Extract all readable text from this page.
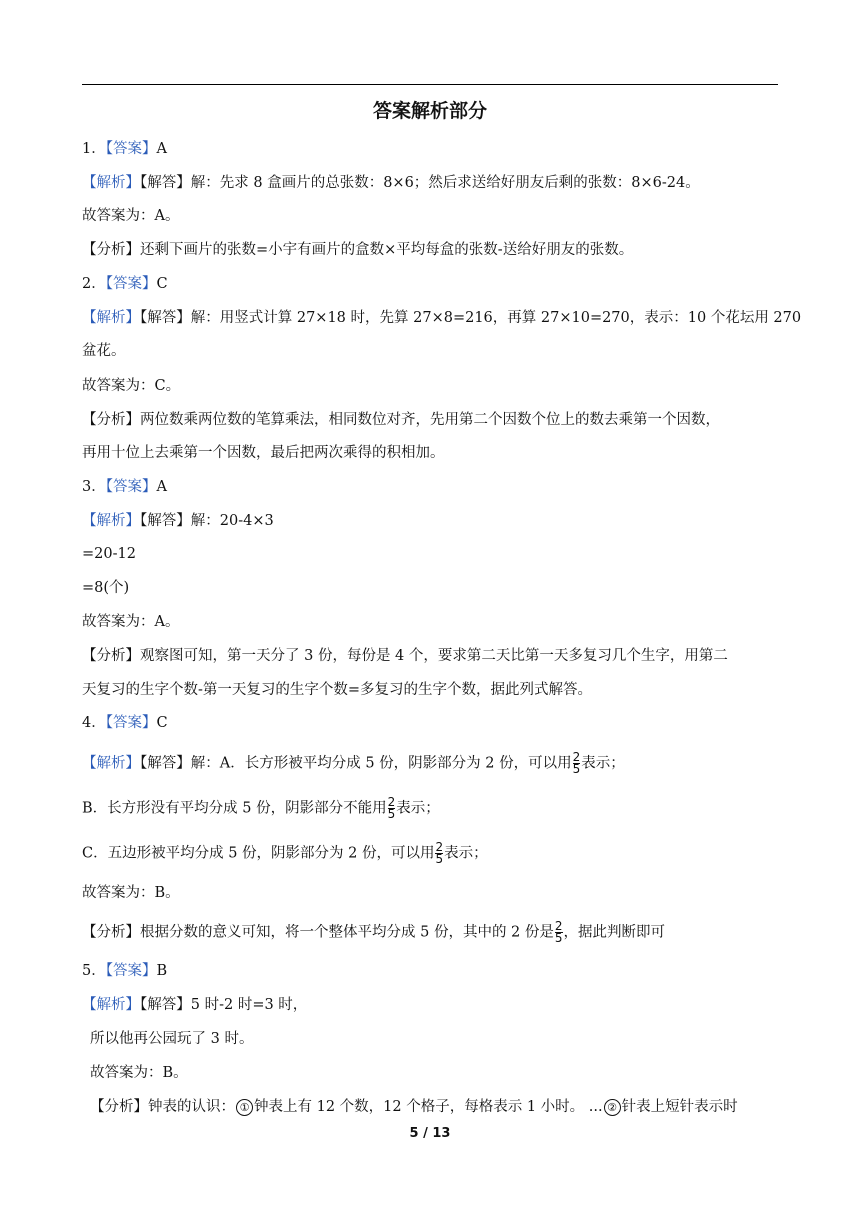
答案解析部分
1．【答案】A
【解析】【解答】解：先求 8 盒画片的总张数：8×6；然后求送给好朋友后剩的张数：8×6-24。
故答案为：A。
【分析】还剩下画片的张数=小宇有画片的盒数×平均每盒的张数-送给好朋友的张数。
2．【答案】C
【解析】【解答】解：用竖式计算 27×18 时，先算 27×8=216，再算 27×10=270，表示：10 个花坛用 270
盆花。
故答案为：C。
【分析】两位数乘两位数的笔算乘法，相同数位对齐，先用第二个因数个位上的数去乘第一个因数，
再用十位上去乘第一个因数，最后把两次乘得的积相加。
3．【答案】A
【解析】【解答】解：20-4×3
=20-12
=8(个)
故答案为：A。
【分析】观察图可知，第一天分了 3 份，每份是 4 个，要求第二天比第一天多复习几个生字，用第二
天复习的生字个数-第一天复习的生字个数=多复习的生字个数，据此列式解答。
4．【答案】C
【解析】【解答】解：A．长方形被平均分成 5 份，阴影部分为 2 份，可以用 $\frac{2}{5}$ 表示；
B．长方形没有平均分成 5 份，阴影部分不能用 $\frac{2}{5}$ 表示；
C．五边形被平均分成 5 份，阴影部分为 2 份，可以用 $\frac{2}{5}$ 表示；
故答案为：B。
【分析】根据分数的意义可知，将一个整体平均分成 5 份，其中的 2 份是 $\frac{2}{5}$ ，据此判断即可
5．【答案】B
【解析】【解答】5 时-2 时=3 时，
所以他再公园玩了 3 时。
故答案为：B。
【分析】钟表的认识： ① 钟表上有 12 个数，12 个格子，每格表示 1 小时。 ... ② 针表上短针表示时
5 / 13
